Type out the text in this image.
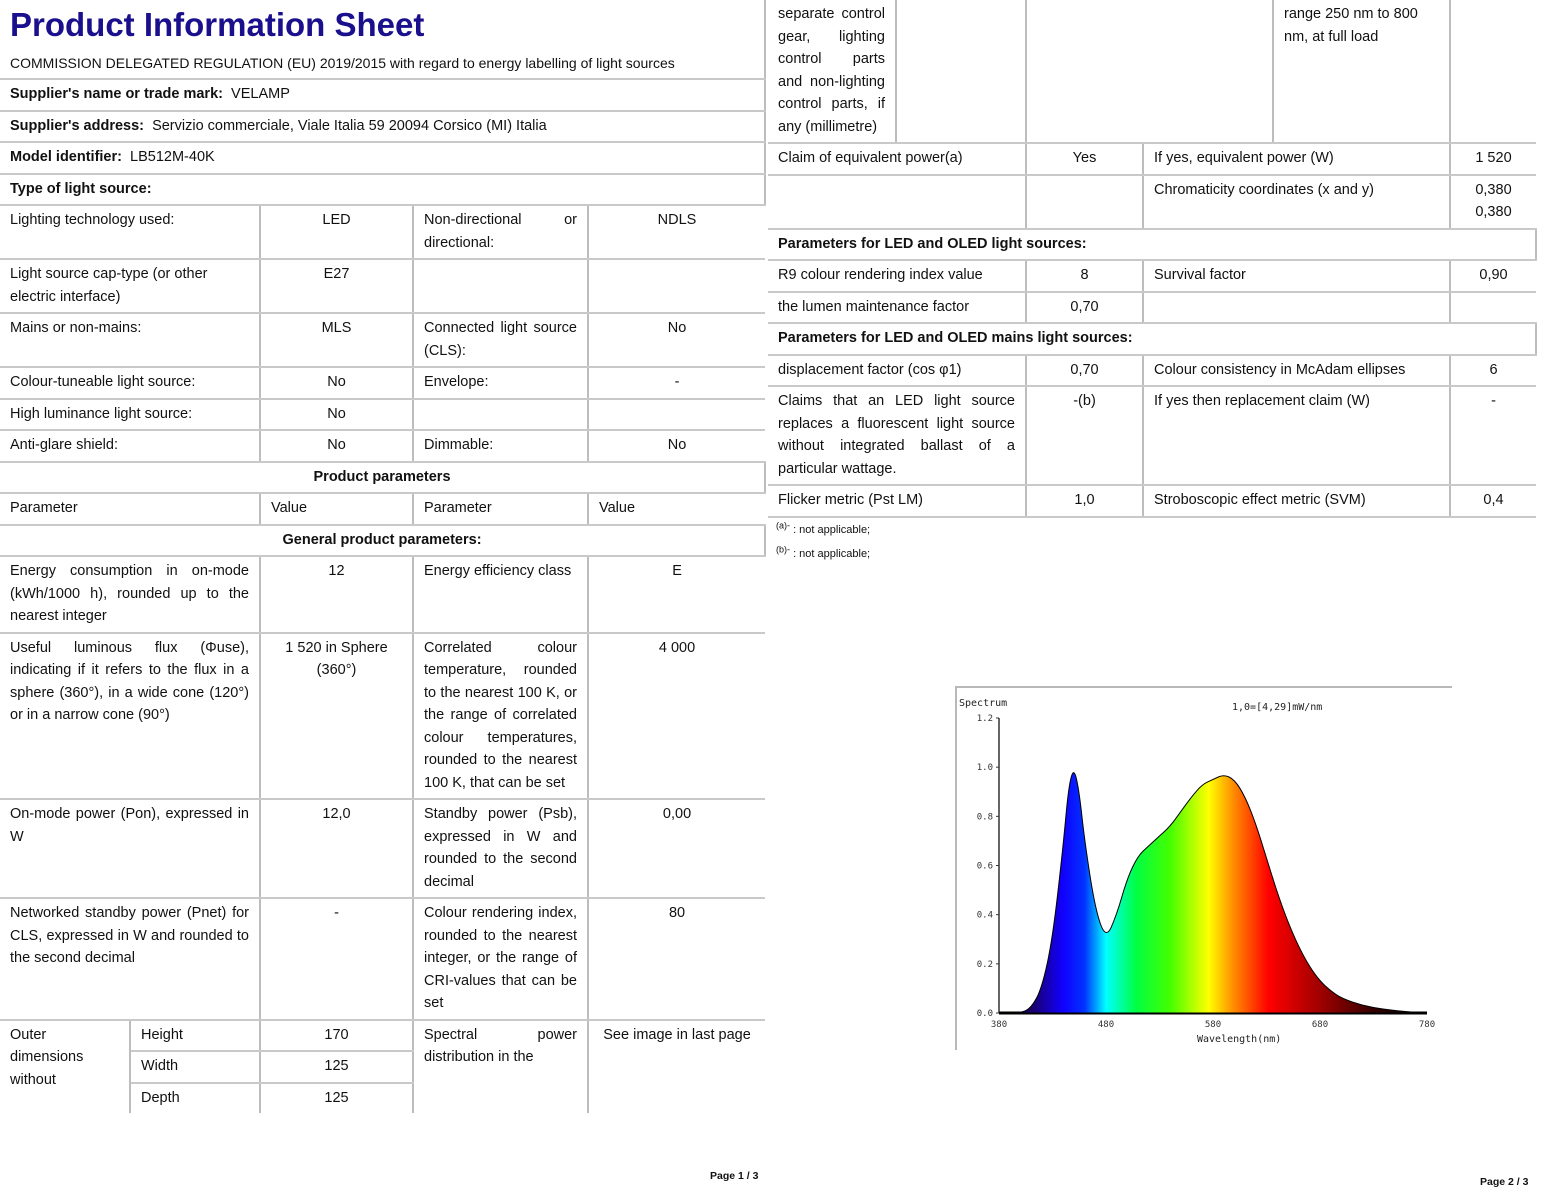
Product Information Sheet
COMMISSION DELEGATED REGULATION (EU) 2019/2015 with regard to energy labelling of light sources				

Supplier's name or trade mark: VELAMP				
Supplier's address: Servizio commerciale, Viale Italia 59 20094 Corsico (MI) Italia				
Model identifier: LB512M-40K				
Type of light source:				
Lighting technology used:		LED	Non-directional or directional:	NDLS
Light source cap-type (or other electric interface)		E27		
Mains or non-mains:		MLS	Connected light source (CLS):	No
Colour-tuneable light source:		No	Envelope:	-
High luminance light source:		No		
Anti-glare shield:		No	Dimmable:	No
Product parameters				
Parameter		Value	Parameter	Value
General product parameters:				
Energy consumption in on-mode (kWh/1000 h), rounded up to the nearest integer		12	Energy efficiency class	E
Useful luminous flux (Φuse), indicating if it refers to the flux in a sphere (360°), in a wide cone (120°) or in a narrow cone (90°)		1 520 in Sphere (360°)	Correlated colour temperature, rounded to the nearest 100 K, or the range of correlated colour temperatures, rounded to the nearest 100 K, that can be set	4 000
On-mode power (Pon), expressed in W		12,0	Standby power (Psb), expressed in W and rounded to the second decimal	0,00
Networked standby power (Pnet) for CLS, expressed in W and rounded to the second decimal		-	Colour rendering index, rounded to the nearest integer, or the range of CRI-values that can be set	80
Outer dimensions without	Height	170	Spectral power distribution in the	See image in last page
	Width	125		
	Depth	125		
Page 1 / 3
separate control gear, lighting control parts and non-lighting control parts, if any (millimetre)				range 250 nm to 800 nm, at full load	
Claim of equivalent power(a)		Yes	If yes, equivalent power (W)		1 520
			Chromaticity coordinates (x and y)		0,380
0,380
Parameters for LED and OLED light sources:					
R9 colour rendering index value		8	Survival factor		0,90
the lumen maintenance factor		0,70			
Parameters for LED and OLED mains light sources:					
displacement factor (cos φ1)		0,70	Colour consistency in McAdam ellipses		6
Claims that an LED light source replaces a fluorescent light source without integrated ballast of a particular wattage.		-(b)	If yes then replacement claim (W)		-
Flicker metric (Pst LM)		1,0	Stroboscopic effect metric (SVM)		0,4
$^{(a)-}$ : not applicable;
$^{(b)-}$ : not applicable;
Spectrum	1,0=[4,29]mW/nm
Wavelength(nm)
0.0
0.2
0.4
0.6
0.8
1.0
1.2
380	480	580	680	780
Page 2 / 3
